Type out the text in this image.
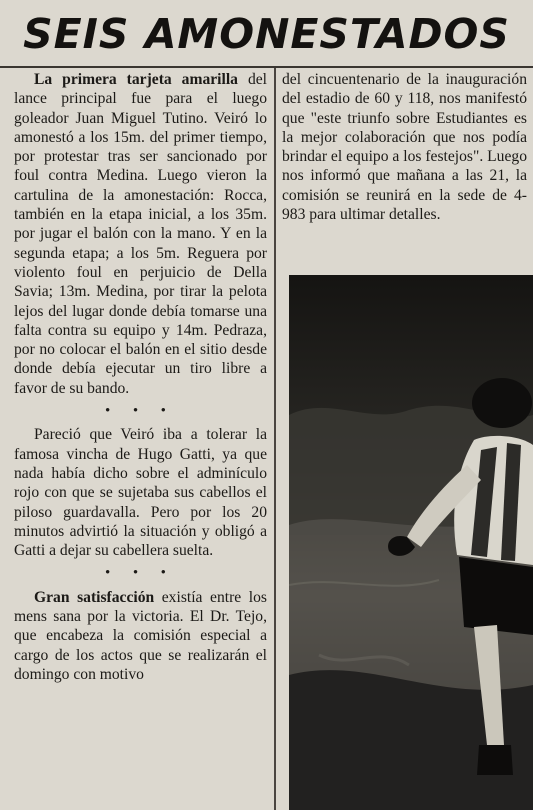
SEIS AMONESTADOS

La primera tarjeta amarilla del lance principal fue para el luego goleador Juan Miguel Tutino. Veiró lo amonestó a los 15m. del primer tiempo, por protestar tras ser sancionado por foul contra Medina. Luego vieron la cartulina de la amonestación: Rocca, también en la etapa inicial, a los 35m. por jugar el balón con la mano. Y en la segunda etapa; a los 5m. Reguera por violento foul en perjuicio de Della Savia; 13m. Medina, por tirar la pelota lejos del lugar donde debía tomarse una falta contra su equipo y 14m. Pedraza, por no colocar el balón en el sitio desde donde debía ejecutar un tiro libre a favor de su bando.

• • •

Pareció que Veiró iba a tolerar la famosa vincha de Hugo Gatti, ya que nada había dicho sobre el adminículo rojo con que se sujetaba sus cabellos el piloso guardavalla. Pero por los 20 minutos advirtió la situación y obligó a Gatti a dejar su cabellera suelta.

• • •

Gran satisfacción existía entre los mens sana por la victoria. El Dr. Tejo, que encabeza la comisión especial a cargo de los actos que se realizarán el domingo con motivo

del cincuentenario de la inauguración del estadio de 60 y 118, nos manifestó que "este triunfo sobre Estudiantes es la mejor colaboración que nos podía brindar el equipo a los festejos". Luego nos informó que mañana a las 21, la comisión se reunirá en la sede de 4-983 para ultimar detalles.
